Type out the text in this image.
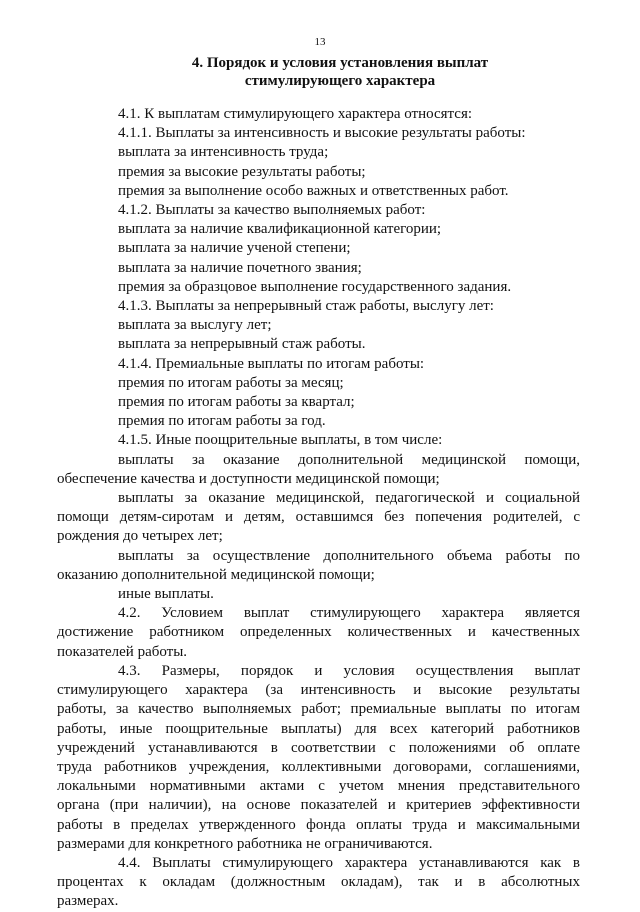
13
4. Порядок и условия установления выплат
стимулирующего характера
4.1. К выплатам стимулирующего характера относятся:
4.1.1. Выплаты за интенсивность и высокие результаты работы:
выплата за интенсивность труда;
премия за высокие результаты работы;
премия за выполнение особо важных и ответственных работ.
4.1.2. Выплаты за качество выполняемых работ:
выплата за наличие квалификационной категории;
выплата за наличие ученой степени;
выплата за наличие почетного звания;
премия за образцовое выполнение государственного задания.
4.1.3. Выплаты за непрерывный стаж работы, выслугу лет:
выплата за выслугу лет;
выплата за непрерывный стаж работы.
4.1.4. Премиальные выплаты по итогам работы:
премия по итогам работы за месяц;
премия по итогам работы за квартал;
премия по итогам работы за год.
4.1.5. Иные поощрительные выплаты, в том числе:
выплаты за оказание дополнительной медицинской помощи,
обеспечение качества и доступности медицинской помощи;
выплаты за оказание медицинской, педагогической и социальной
помощи детям-сиротам и детям, оставшимся без попечения родителей, с
рождения до четырех лет;
выплаты за осуществление дополнительного объема работы по
оказанию дополнительной медицинской помощи;
иные выплаты.
4.2. Условием выплат стимулирующего характера является
достижение работником определенных количественных и качественных
показателей работы.
4.3. Размеры, порядок и условия осуществления выплат
стимулирующего характера (за интенсивность и высокие результаты
работы, за качество выполняемых работ; премиальные выплаты по итогам
работы, иные поощрительные выплаты) для всех категорий работников
учреждений устанавливаются в соответствии с положениями об оплате
труда работников учреждения, коллективными договорами, соглашениями,
локальными нормативными актами с учетом мнения представительного
органа (при наличии), на основе показателей и критериев эффективности
работы в пределах утвержденного фонда оплаты труда и максимальными
размерами для конкретного работника не ограничиваются.
4.4. Выплаты стимулирующего характера устанавливаются как в
процентах к окладам (должностным окладам), так и в абсолютных
размерах.
